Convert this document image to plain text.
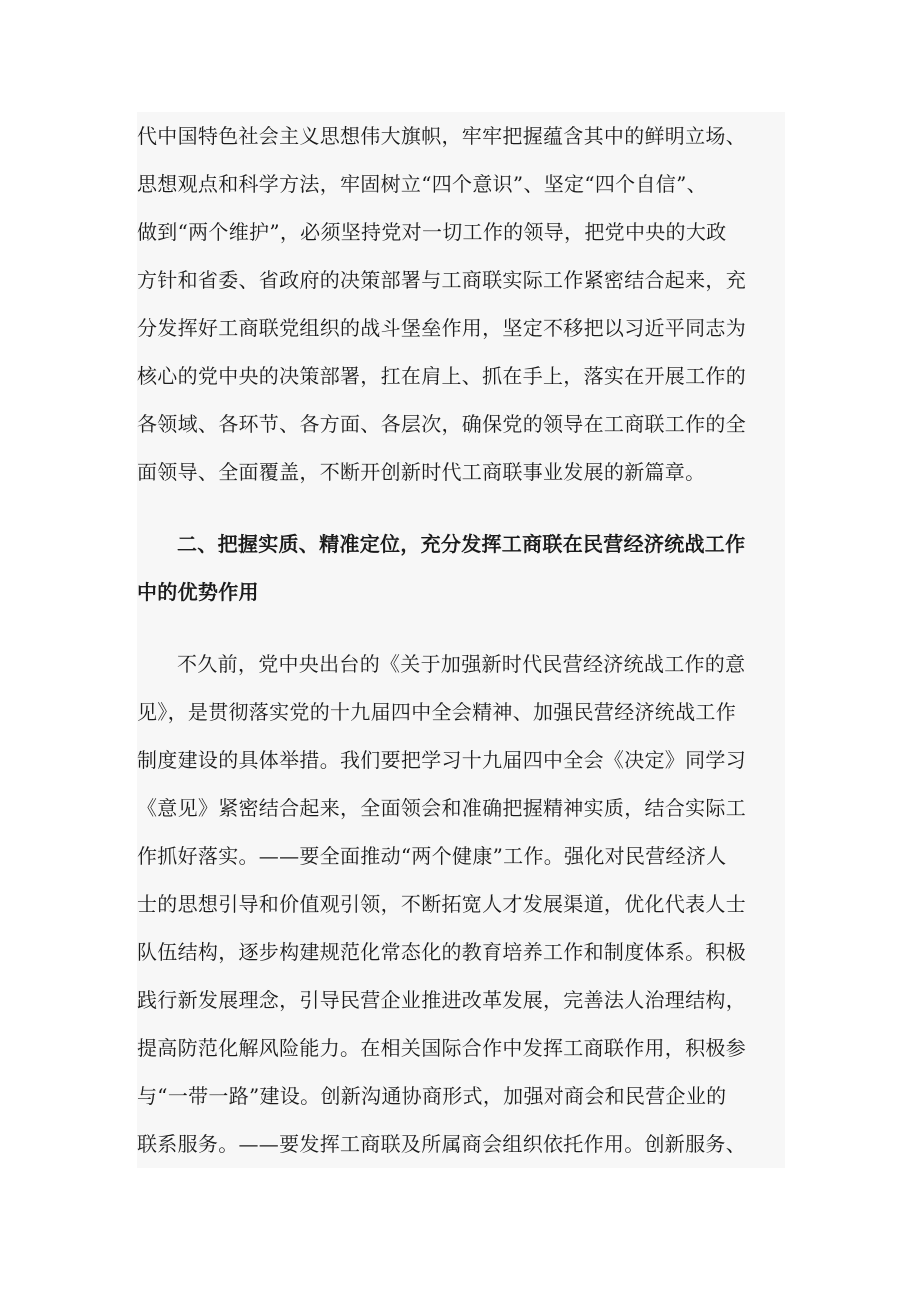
代中国特色社会主义思想伟大旗帜，牢牢把握蕴含其中的鲜明立场、
思想观点和科学方法，牢固树立“四个意识”、坚定“四个自信”、
做到“两个维护”，必须坚持党对一切工作的领导，把党中央的大政
方针和省委、省政府的决策部署与工商联实际工作紧密结合起来，充
分发挥好工商联党组织的战斗堡垒作用，坚定不移把以习近平同志为
核心的党中央的决策部署，扛在肩上、抓在手上，落实在开展工作的
各领域、各环节、各方面、各层次，确保党的领导在工商联工作的全
面领导、全面覆盖，不断开创新时代工商联事业发展的新篇章。

二、把握实质、精准定位，充分发挥工商联在民营经济统战工作
中的优势作用

不久前，党中央出台的《关于加强新时代民营经济统战工作的意
见》，是贯彻落实党的十九届四中全会精神、加强民营经济统战工作
制度建设的具体举措。我们要把学习十九届四中全会《决定》同学习
《意见》紧密结合起来，全面领会和准确把握精神实质，结合实际工
作抓好落实。——要全面推动“两个健康”工作。强化对民营经济人
士的思想引导和价值观引领，不断拓宽人才发展渠道，优化代表人士
队伍结构，逐步构建规范化常态化的教育培养工作和制度体系。积极
践行新发展理念，引导民营企业推进改革发展，完善法人治理结构，
提高防范化解风险能力。在相关国际合作中发挥工商联作用，积极参
与“一带一路”建设。创新沟通协商形式，加强对商会和民营企业的
联系服务。——要发挥工商联及所属商会组织依托作用。创新服务、
